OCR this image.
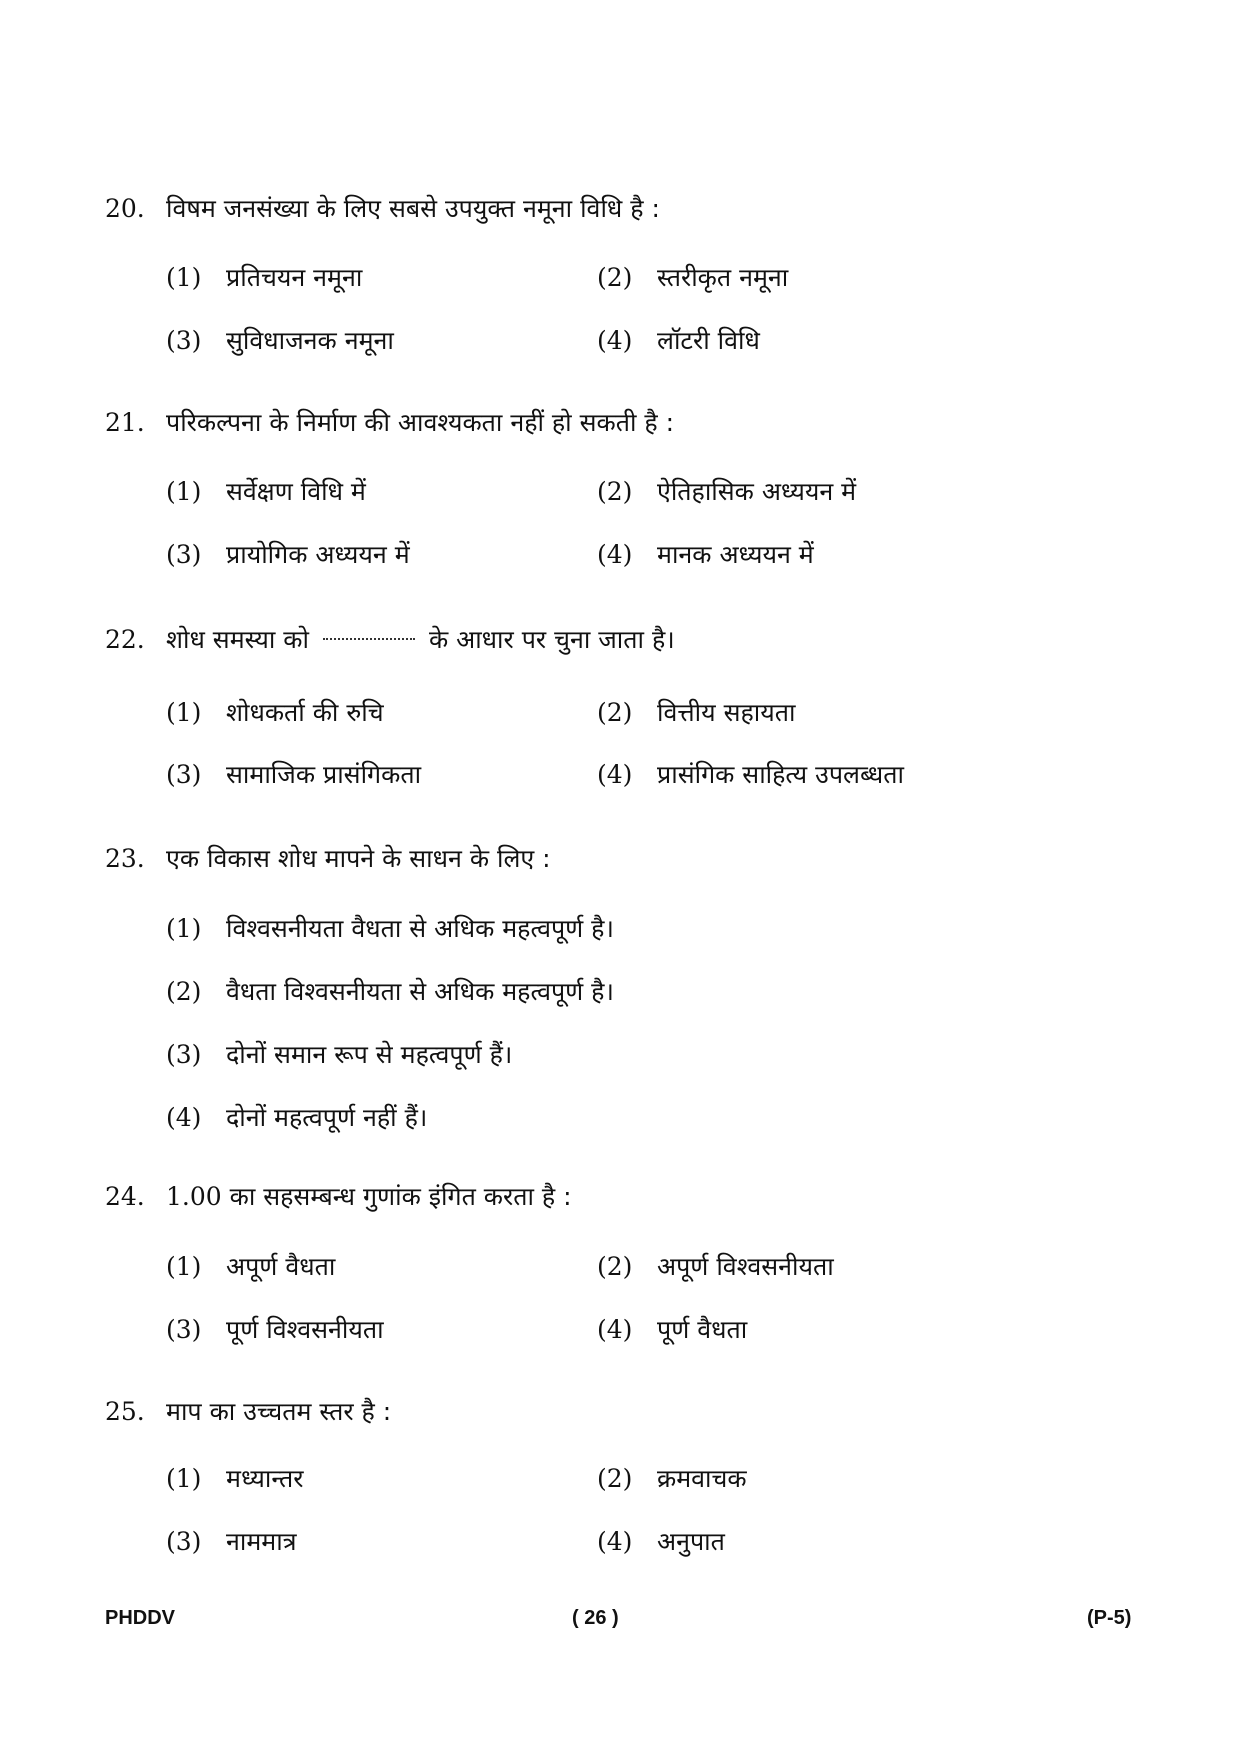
20. विषम जनसंख्या के लिए सबसे उपयुक्त नमूना विधि है :
(1) प्रतिचयन नमूना	(2) स्तरीकृत नमूना
(3) सुविधाजनक नमूना	(4) लॉटरी विधि
21. परिकल्पना के निर्माण की आवश्यकता नहीं हो सकती है :
(1) सर्वेक्षण विधि में	(2) ऐतिहासिक अध्ययन में
(3) प्रायोगिक अध्ययन में	(4) मानक अध्ययन में
22. शोध समस्या को	के आधार पर चुना जाता है।
(1) शोधकर्ता की रुचि	(2) वित्तीय सहायता
(3) सामाजिक प्रासंगिकता	(4) प्रासंगिक साहित्य उपलब्धता
23. एक विकास शोध मापने के साधन के लिए :
(1) विश्वसनीयता वैधता से अधिक महत्वपूर्ण है।
(2) वैधता विश्वसनीयता से अधिक महत्वपूर्ण है।
(3) दोनों समान रूप से महत्वपूर्ण हैं।
(4) दोनों महत्वपूर्ण नहीं हैं।
24. 1.00 का सहसम्बन्ध गुणांक इंगित करता है :
(1) अपूर्ण वैधता	(2) अपूर्ण विश्वसनीयता
(3) पूर्ण विश्वसनीयता	(4) पूर्ण वैधता
25. माप का उच्चतम स्तर है :
(1) मध्यान्तर	(2) क्रमवाचक
(3) नाममात्र	(4) अनुपात
PHDDV	( 26 )	(P-5)
